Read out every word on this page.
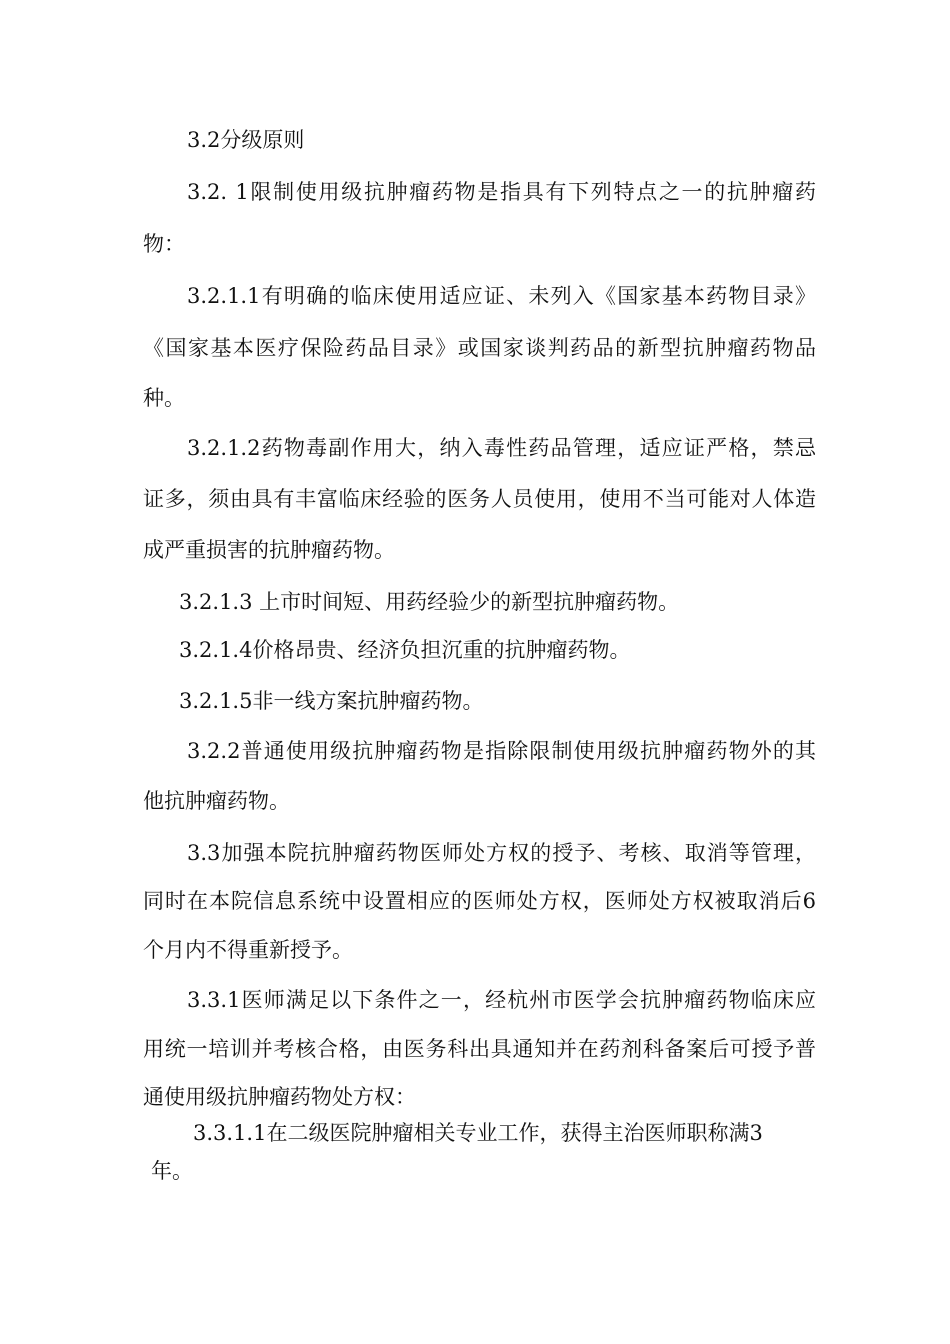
3.2分级原则
3.2. 1限制使用级抗肿瘤药物是指具有下列特点之一的抗肿瘤药
物：
3.2.1.1有明确的临床使用适应证、未列入《国家基本药物目录》
《国家基本医疗保险药品目录》或国家谈判药品的新型抗肿瘤药物品
种。
3.2.1.2药物毒副作用大，纳入毒性药品管理，适应证严格，禁忌
证多，须由具有丰富临床经验的医务人员使用，使用不当可能对人体造
成严重损害的抗肿瘤药物。
3.2.1.3 上市时间短、用药经验少的新型抗肿瘤药物。
3.2.1.4价格昂贵、经济负担沉重的抗肿瘤药物。
3.2.1.5非一线方案抗肿瘤药物。
3.2.2普通使用级抗肿瘤药物是指除限制使用级抗肿瘤药物外的其
他抗肿瘤药物。
3.3加强本院抗肿瘤药物医师处方权的授予、考核、取消等管理，
同时在本院信息系统中设置相应的医师处方权，医师处方权被取消后6
个月内不得重新授予。
3.3.1医师满足以下条件之一，经杭州市医学会抗肿瘤药物临床应
用统一培训并考核合格，由医务科出具通知并在药剂科备案后可授予普
通使用级抗肿瘤药物处方权：
3.3.1.1在二级医院肿瘤相关专业工作，获得主治医师职称满3
年。
